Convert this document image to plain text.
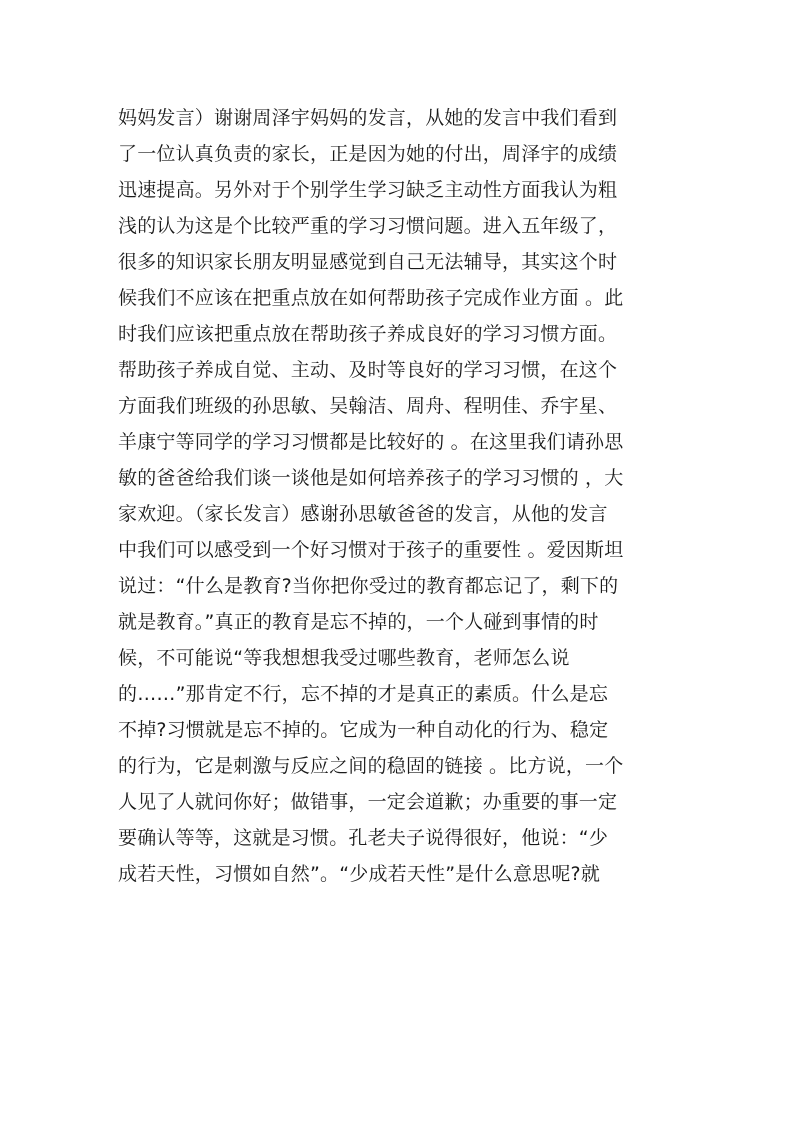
妈妈发言）谢谢周泽宇妈妈的发言，从她的发言中我们看到
了一位认真负责的家长，正是因为她的付出，周泽宇的成绩
迅速提高。另外对于个别学生学习缺乏主动性方面我认为粗
浅的认为这是个比较严重的学习习惯问题。进入五年级了，
很多的知识家长朋友明显感觉到自己无法辅导，其实这个时
候我们不应该在把重点放在如何帮助孩子完成作业方面 。此
时我们应该把重点放在帮助孩子养成良好的学习习惯方面。
帮助孩子养成自觉、主动、及时等良好的学习习惯，在这个
方面我们班级的孙思敏、吴翰洁、周舟、程明佳、乔宇星、
羊康宁等同学的学习习惯都是比较好的 。在这里我们请孙思
敏的爸爸给我们谈一谈他是如何培养孩子的学习习惯的 ，大
家欢迎。（家长发言）感谢孙思敏爸爸的发言，从他的发言
中我们可以感受到一个好习惯对于孩子的重要性 。爱因斯坦
说过：“什么是教育?当你把你受过的教育都忘记了，剩下的
就是教育。”真正的教育是忘不掉的，一个人碰到事情的时
候，不可能说“等我想想我受过哪些教育，老师怎么说
的……”那肯定不行，忘不掉的才是真正的素质。什么是忘
不掉?习惯就是忘不掉的。它成为一种自动化的行为、稳定
的行为，它是刺激与反应之间的稳固的链接 。比方说，一个
人见了人就问你好；做错事，一定会道歉；办重要的事一定
要确认等等，这就是习惯。孔老夫子说得很好，他说：“少
成若天性，习惯如自然”。“少成若天性”是什么意思呢?就
